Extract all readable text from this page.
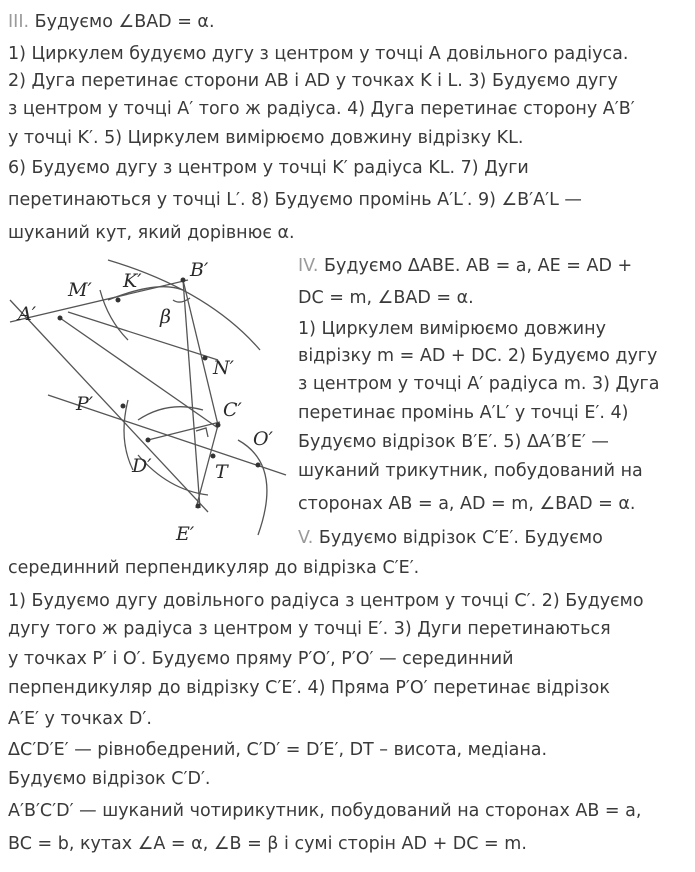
III. Будуємо ∠BAD = α.
1) Циркулем будуємо дугу з центром у точці A довільного радіуса.
2) Дуга перетинає сторони AB і AD у точках K і L. 3) Будуємо дугу
з центром у точці A′ того ж радіуса. 4) Дуга перетинає сторону A′B′
у точці K′. 5) Циркулем вимірюємо довжину відрізку KL.
6) Будуємо дугу з центром у точці K′ радіуса KL. 7) Дуги
перетинаються у точці L′. 8) Будуємо промінь A′L′. 9) ∠B′A′L —
шуканий кут, який дорівнює α.
IV. Будуємо ΔABE. AB = a, AE = AD +
DC = m, ∠BAD = α.
1) Циркулем вимірюємо довжину
відрізку m = AD + DC. 2) Будуємо дугу
з центром у точці A′ радіуса m. 3) Дуга
перетинає промінь A′L′ у точці E′. 4)
Будуємо відрізок B′E′. 5) ΔA′B′E′ —
шуканий трикутник, побудований на
сторонах AB = a, AD = m, ∠BAD = α.
V. Будуємо відрізок C′E′. Будуємо
серединний перпендикуляр до відрізка C′E′.
1) Будуємо дугу довільного радіуса з центром у точці C′. 2) Будуємо
дугу того ж радіуса з центром у точці E′. 3) Дуги перетинаються
у точках P′ і O′. Будуємо пряму P′O′, P′O′ — серединний
перпендикуляр до відрізку C′E′. 4) Пряма P′O′ перетинає відрізок
A′E′ у точках D′.
ΔC′D′E′ — рівнобедрений, C′D′ = D′E′, DT – висота, медіана.
Будуємо відрізок C′D′.
A′B′C′D′ — шуканий чотирикутник, побудований на сторонах AB = a,
BC = b, кутах ∠A = α, ∠B = β і сумі сторін AD + DC = m.
A′
M′ K′	B′
β
N′
P′	C′
O′
D′	T
E′
